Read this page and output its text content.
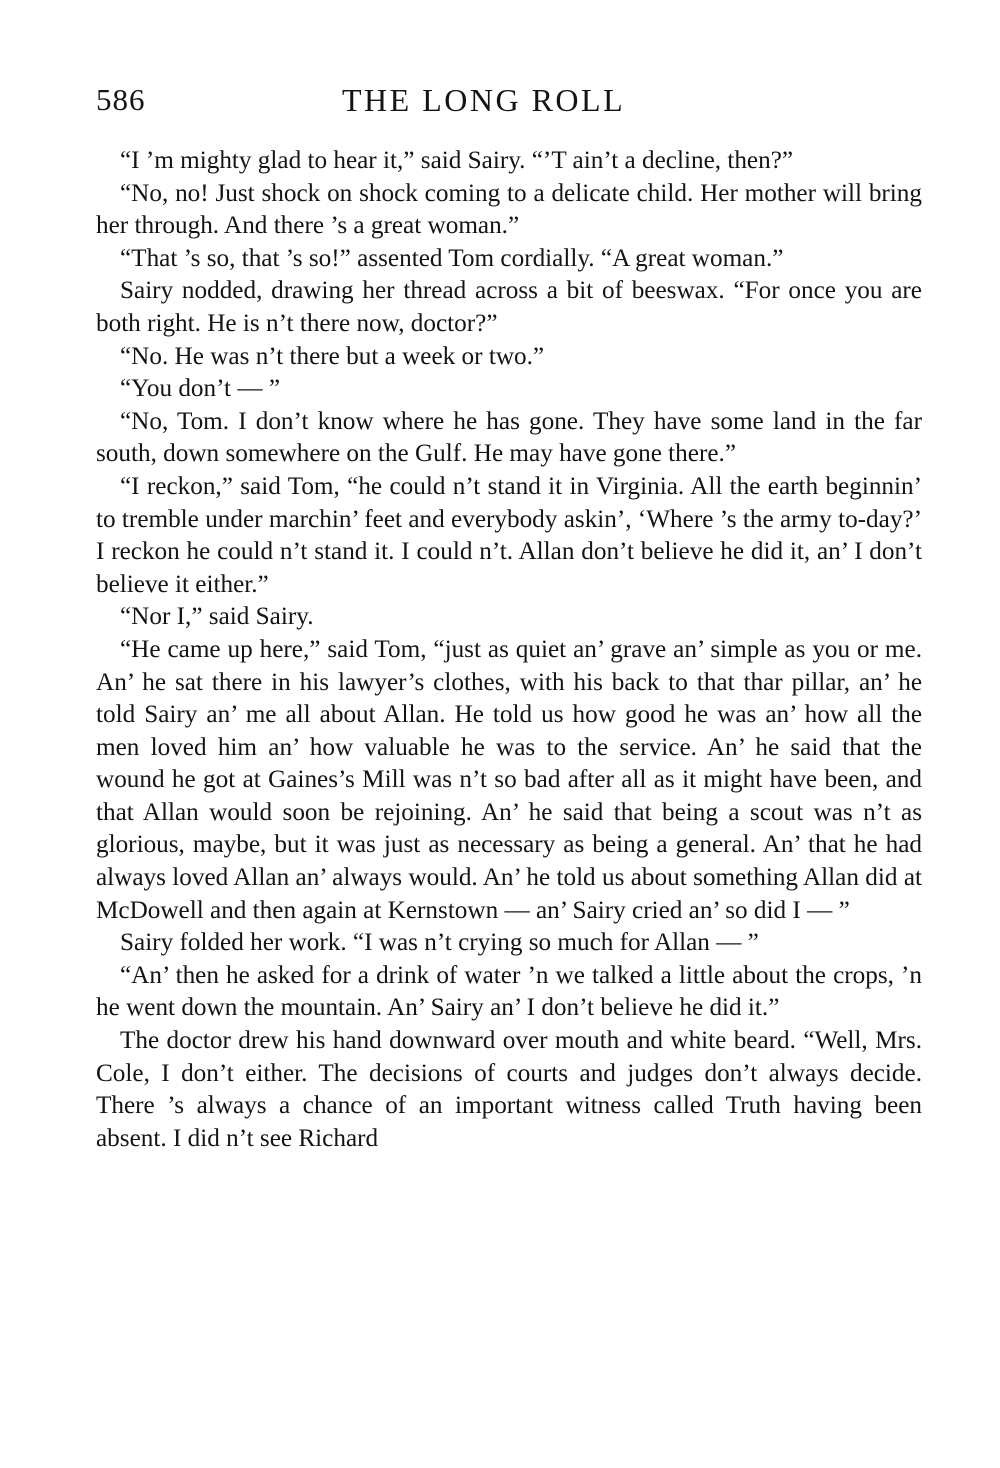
586	THE LONG ROLL

“I ’m mighty glad to hear it,” said Sairy. “’T ain’t a decline, then?”

“No, no! Just shock on shock coming to a delicate child. Her mother will bring her through. And there ’s a great woman.”

“That ’s so, that ’s so!” assented Tom cordially. “A great woman.”

Sairy nodded, drawing her thread across a bit of beeswax. “For once you are both right. He is n’t there now, doctor?”

“No. He was n’t there but a week or two.”

“You don’t — ”

“No, Tom. I don’t know where he has gone. They have some land in the far south, down somewhere on the Gulf. He may have gone there.”

“I reckon,” said Tom, “he could n’t stand it in Virginia. All the earth beginnin’ to tremble under marchin’ feet and everybody askin’, ‘Where ’s the army to-day?’ I reckon he could n’t stand it. I could n’t. Allan don’t believe he did it, an’ I don’t believe it either.”

“Nor I,” said Sairy.

“He came up here,” said Tom, “just as quiet an’ grave an’ simple as you or me. An’ he sat there in his lawyer’s clothes, with his back to that thar pillar, an’ he told Sairy an’ me all about Allan. He told us how good he was an’ how all the men loved him an’ how valuable he was to the service. An’ he said that the wound he got at Gaines’s Mill was n’t so bad after all as it might have been, and that Allan would soon be rejoining. An’ he said that being a scout was n’t as glorious, maybe, but it was just as necessary as being a general. An’ that he had always loved Allan an’ always would. An’ he told us about something Allan did at McDowell and then again at Kernstown — an’ Sairy cried an’ so did I — ”

Sairy folded her work. “I was n’t crying so much for Allan — ”

“An’ then he asked for a drink of water ’n we talked a little about the crops, ’n he went down the mountain. An’ Sairy an’ I don’t believe he did it.”

The doctor drew his hand downward over mouth and white beard. “Well, Mrs. Cole, I don’t either. The decisions of courts and judges don’t always decide. There ’s always a chance of an important witness called Truth having been absent. I did n’t see Richard
